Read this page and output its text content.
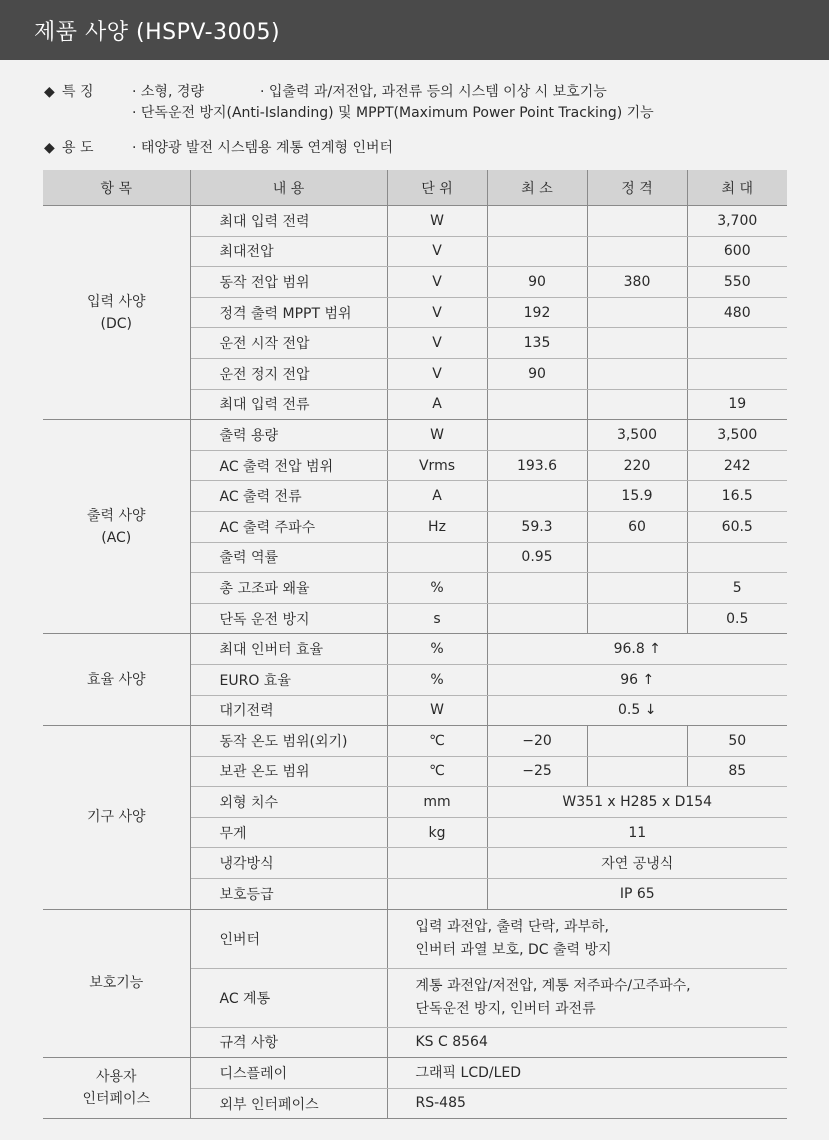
제품 사양 (HSPV-3005)
◆ 특 징	· 소형, 경량	· 입출력 과/저전압, 과전류 등의 시스템 이상 시 보호기능
· 단독운전 방지(Anti-Islanding) 및 MPPT(Maximum Power Point Tracking) 기능
◆ 용 도	· 태양광 발전 시스템용 계통 연계형 인버터
항 목	내 용	단 위	최 소	정 격	최 대
입력 사양
(DC)	최대 입력 전력	W			3,700
	최대전압	V			600
	동작 전압 범위	V	90	380	550
	정격 출력 MPPT 범위	V	192		480
	운전 시작 전압	V	135		
	운전 정지 전압	V	90		
	최대 입력 전류	A			19
출력 사양
(AC)	출력 용량	W		3,500	3,500
	AC 출력 전압 범위	Vrms	193.6	220	242
	AC 출력 전류	A		15.9	16.5
	AC 출력 주파수	Hz	59.3	60	60.5
	출력 역률		0.95		
	총 고조파 왜율	%			5
	단독 운전 방지	s			0.5
효율 사양	최대 인버터 효율	%	96.8 ↑		
	EURO 효율	%	96 ↑		
	대기전력	W	0.5 ↓		
기구 사양	동작 온도 범위(외기)	℃	−20		50
	보관 온도 범위	℃	−25		85
	외형 치수	mm	W351 x H285 x D154		
	무게	kg	11		
	냉각방식		자연 공냉식		
	보호등급		IP 65		
보호기능	인버터	입력 과전압, 출력 단락, 과부하,
인버터 과열 보호, DC 출력 방지			
	AC 계통	계통 과전압/저전압, 계통 저주파수/고주파수,
단독운전 방지, 인버터 과전류			
	규격 사항	KS C 8564			
사용자
인터페이스	디스플레이	그래픽 LCD/LED			
	외부 인터페이스	RS-485			
